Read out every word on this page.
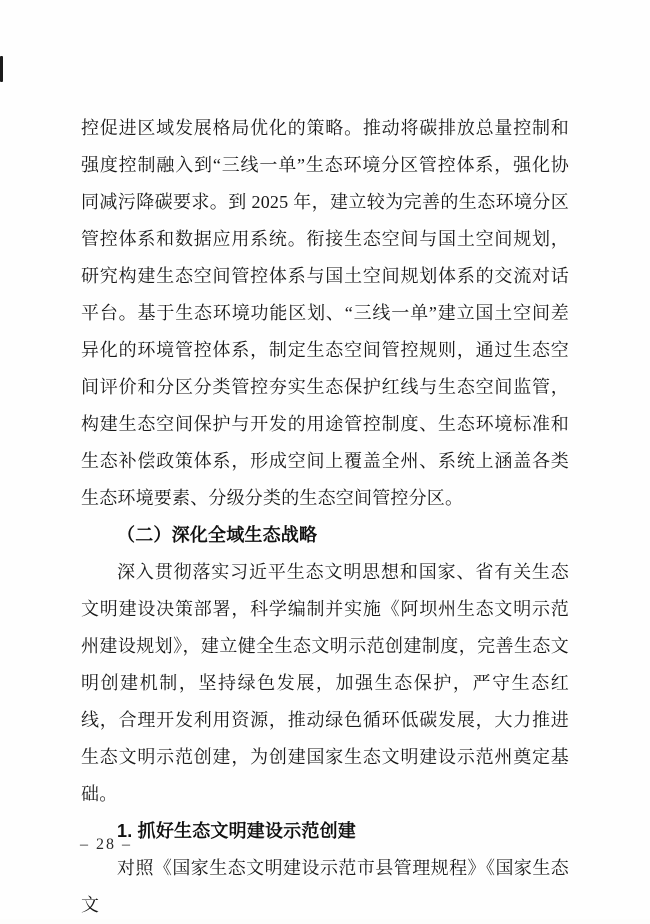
控促进区域发展格局优化的策略。推动将碳排放总量控制和强度控制融入到“三线一单”生态环境分区管控体系，强化协同减污降碳要求。到 2025 年，建立较为完善的生态环境分区管控体系和数据应用系统。衔接生态空间与国土空间规划，研究构建生态空间管控体系与国土空间规划体系的交流对话平台。基于生态环境功能区划、“三线一单”建立国土空间差异化的环境管控体系，制定生态空间管控规则，通过生态空间评价和分区分类管控夯实生态保护红线与生态空间监管，构建生态空间保护与开发的用途管控制度、生态环境标准和生态补偿政策体系，形成空间上覆盖全州、系统上涵盖各类生态环境要素、分级分类的生态空间管控分区。

（二）深化全域生态战略

深入贯彻落实习近平生态文明思想和国家、省有关生态文明建设决策部署，科学编制并实施《阿坝州生态文明示范州建设规划》，建立健全生态文明示范创建制度，完善生态文明创建机制，坚持绿色发展，加强生态保护，严守生态红线，合理开发利用资源，推动绿色循环低碳发展，大力推进生态文明示范创建，为创建国家生态文明建设示范州奠定基础。

1. 抓好生态文明建设示范创建

对照《国家生态文明建设示范市县管理规程》《国家生态文

– 28 –
